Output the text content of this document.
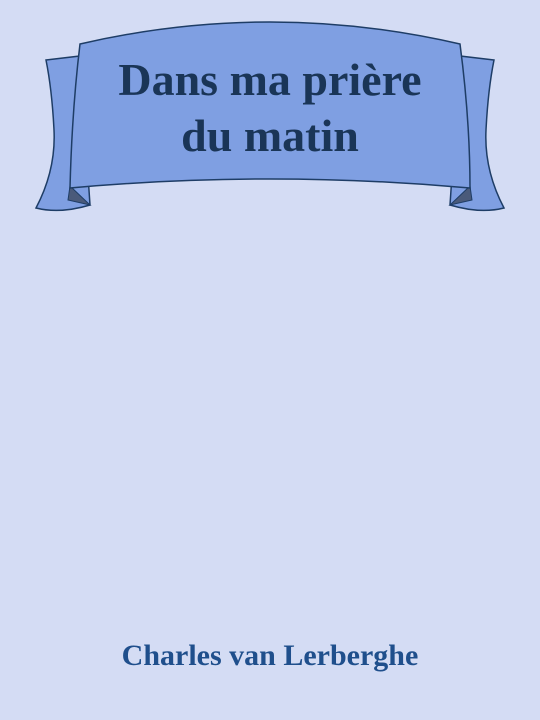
Dans ma prière
du matin
Charles van Lerberghe
